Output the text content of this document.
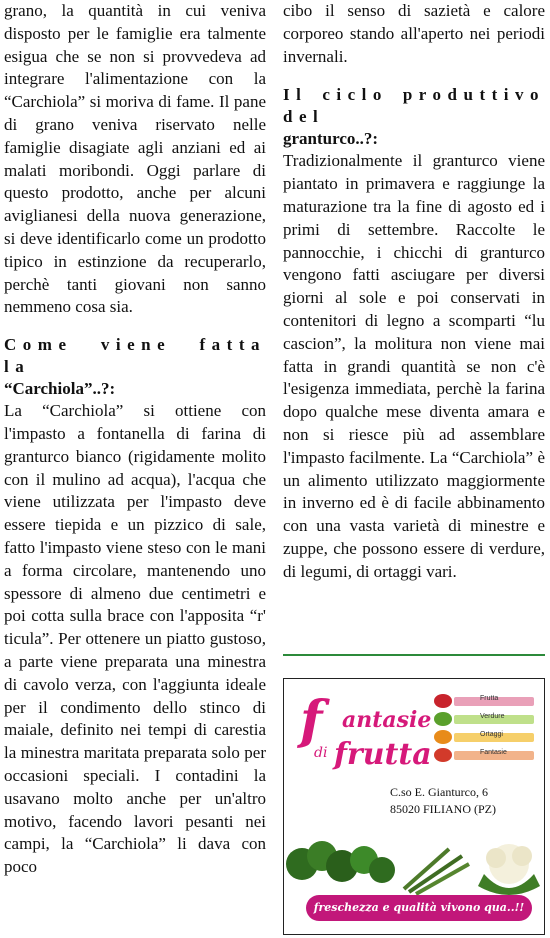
grano, la quantità in cui veniva disposto per le famiglie era talmente esigua che se non si provvedeva ad integrare l'alimentazione con la “Carchiola” si moriva di fame. Il pane di grano veniva riservato nelle famiglie disagiate agli anziani ed ai malati moribondi. Oggi parlare di questo prodotto, anche per alcuni aviglianesi della nuova generazione, si deve identificarlo come un prodotto tipico in estinzione da recuperarlo, perchè tanti giovani non sanno nemmeno cosa sia.

Come viene fatta la
“Carchiola”..?:

La “Carchiola” si ottiene con l'impasto a fontanella di farina di granturco bianco (rigidamente molito con il mulino ad acqua), l'acqua che viene utilizzata per l'impasto deve essere tiepida e un pizzico di sale, fatto l'impasto viene steso con le mani a forma circolare, mantenendo uno spessore di almeno due centimetri e poi cotta sulla brace con l'apposita “r' ticula”. Per ottenere un piatto gustoso, a parte viene preparata una minestra di cavolo verza, con l'aggiunta ideale per il condimento dello stinco di maiale, definito nei tempi di carestia la minestra maritata preparata solo per occasioni speciali. I contadini la usavano molto anche per un'altro motivo, facendo lavori pesanti nei campi, la “Carchiola” li dava con poco

cibo il senso di sazietà e calore corporeo stando all'aperto nei periodi invernali.

Il ciclo produttivo del
granturco..?:

Tradizionalmente il granturco viene piantato in primavera e raggiunge la maturazione tra la fine di agosto ed i primi di settembre. Raccolte le pannocchie, i chicchi di granturco vengono fatti asciugare per diversi giorni al sole e poi conservati in contenitori di legno a scomparti “lu cascion”, la molitura non viene mai fatta in grandi quantità se non c'è l'esigenza immediata, perchè la farina dopo qualche mese diventa amara e non si riesce più ad assemblare l'impasto facilmente. La “Carchiola” è un alimento utilizzato maggiormente in inverno ed è di facile abbinamento con una vasta varietà di minestre e zuppe, che possono essere di verdure, di legumi, di ortaggi vari.

f antasie
di frutta
Frutta
Verdure
Ortaggi
Fantasie
C.so E. Gianturco, 6
85020 FILIANO (PZ)
freschezza e qualità vivono qua..!!
